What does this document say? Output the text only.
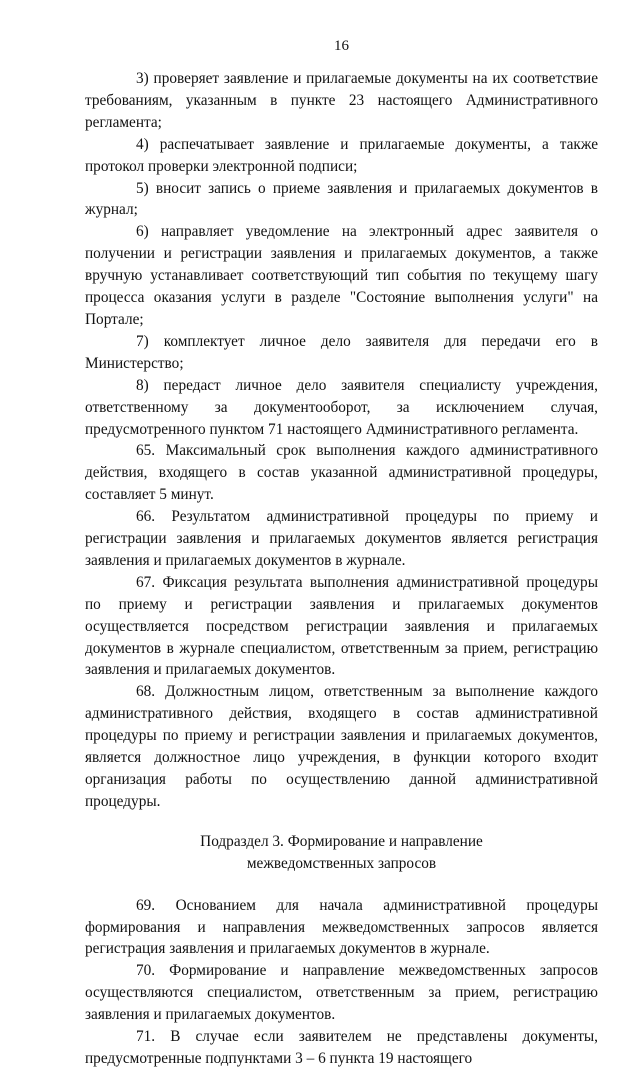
16

3) проверяет заявление и прилагаемые документы на их соответствие требованиям, указанным в пункте 23 настоящего Административного регламента;

4) распечатывает заявление и прилагаемые документы, а также протокол проверки электронной подписи;

5) вносит запись о приеме заявления и прилагаемых документов в журнал;

6) направляет уведомление на электронный адрес заявителя о получении и регистрации заявления и прилагаемых документов, а также вручную устанавливает соответствующий тип события по текущему шагу процесса оказания услуги в разделе "Состояние выполнения услуги" на Портале;

7) комплектует личное дело заявителя для передачи его в Министерство;

8) передаст личное дело заявителя специалисту учреждения, ответственному за документооборот, за исключением случая, предусмотренного пунктом 71 настоящего Административного регламента.

65. Максимальный срок выполнения каждого административного действия, входящего в состав указанной административной процедуры, составляет 5 минут.

66. Результатом административной процедуры по приему и регистрации заявления и прилагаемых документов является регистрация заявления и прилагаемых документов в журнале.

67. Фиксация результата выполнения административной процедуры по приему и регистрации заявления и прилагаемых документов осуществляется посредством регистрации заявления и прилагаемых документов в журнале специалистом, ответственным за прием, регистрацию заявления и прилагаемых документов.

68. Должностным лицом, ответственным за выполнение каждого административного действия, входящего в состав административной процедуры по приему и регистрации заявления и прилагаемых документов, является должностное лицо учреждения, в функции которого входит организация работы по осуществлению данной административной процедуры.

Подраздел 3. Формирование и направление
межведомственных запросов

69. Основанием для начала административной процедуры формирования и направления межведомственных запросов является регистрация заявления и прилагаемых документов в журнале.

70. Формирование и направление межведомственных запросов осуществляются специалистом, ответственным за прием, регистрацию заявления и прилагаемых документов.

71. В случае если заявителем не представлены документы, предусмотренные подпунктами 3 – 6 пункта 19 настоящего
